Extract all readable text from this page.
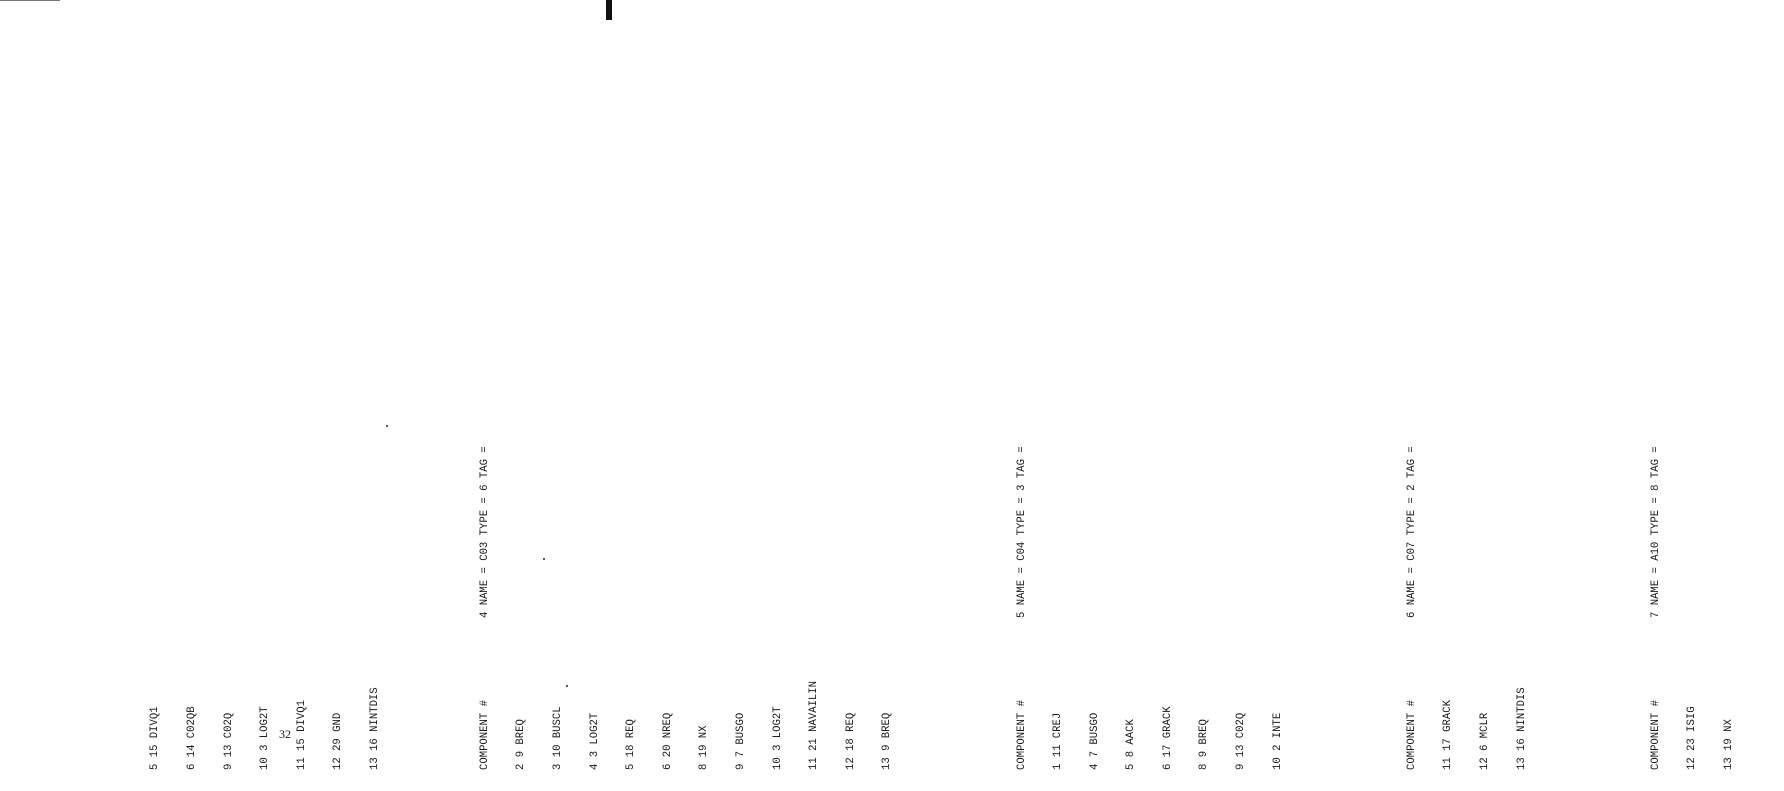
5 15 DIVQ1

6 14 C02QB

9 13 C02Q

10 3 LOG2T

11 15 DIVQ1

12 29 GND

13 16 NINTDIS

	COMPONENT #
4 NAME = C03 TYPE = 6 TAG =

2 9 BREQ

3 10 BUSCL

4 3 LOG2T

5 18 REQ

6 20 NREQ

8 19 NX

9 7 BUSGO

10 3 LOG2T

11 21 NAVAILIN

12 18 REQ

13 9 BREQ

	COMPONENT #
5 NAME = C04 TYPE = 3 TAG =

1 11 CREJ

4 7 BUSGO

5 8 AACK

6 17 GRACK

8 9 BREQ

9 13 C02Q

10 2 INTE

	COMPONENT #
6 NAME = C07 TYPE = 2 TAG =

11 17 GRACK

12 6 MCLR

13 16 NINTDIS

	COMPONENT #
7 NAME = A10 TYPE = 8 TAG =

12 23 ISIG

13 19 NX

32
